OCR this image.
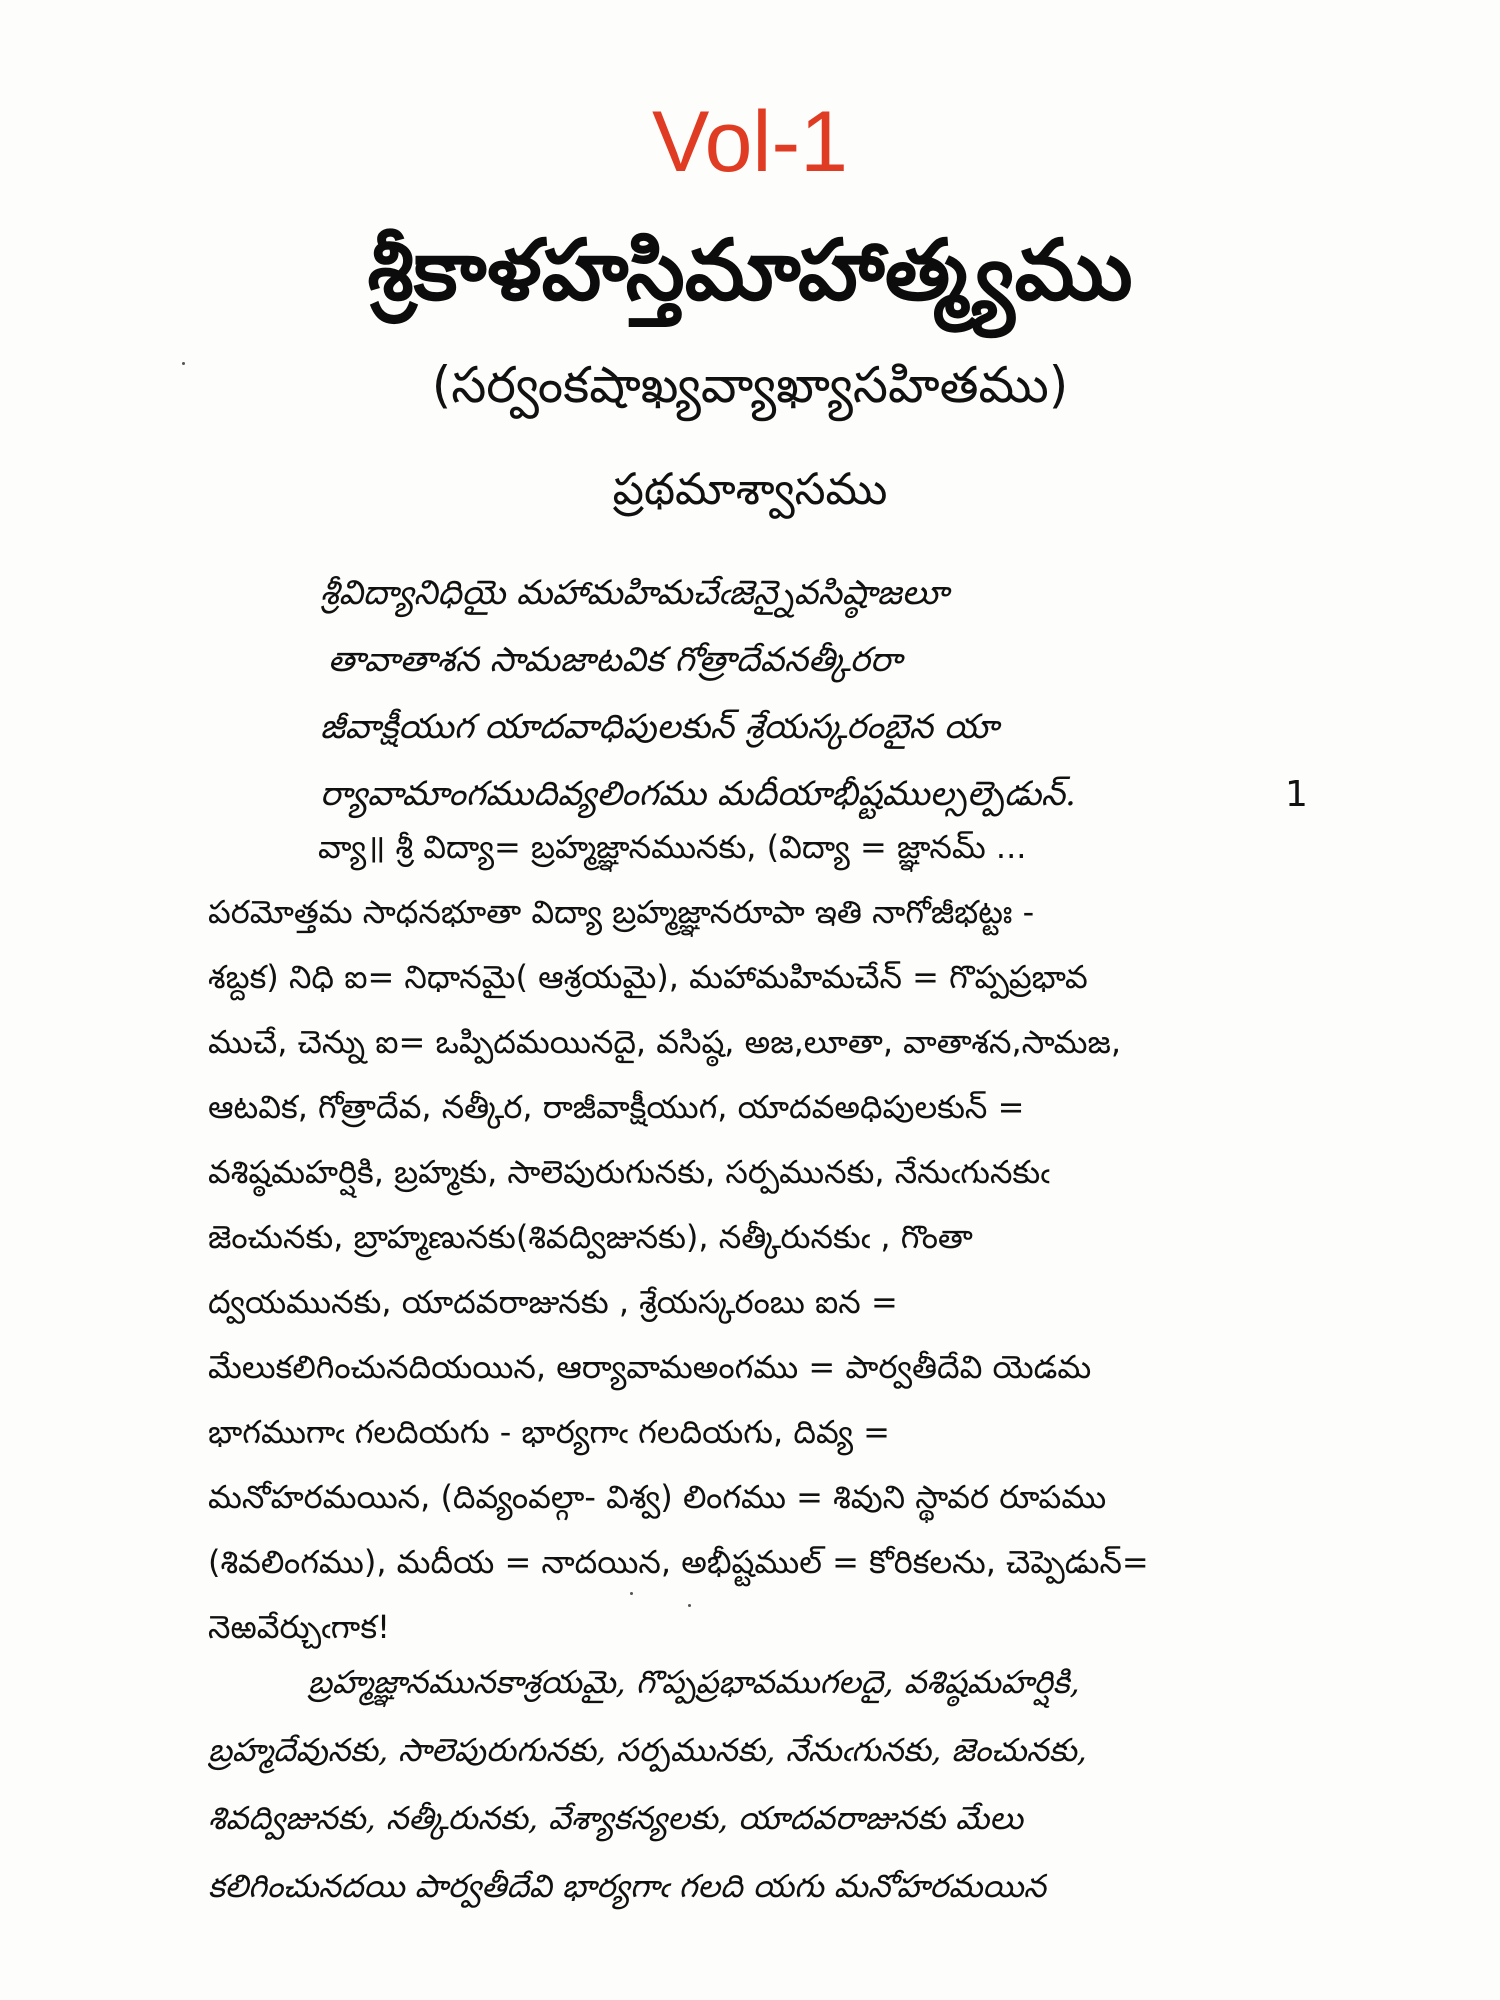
Vol-1
శ్రీకాళహస్తిమాహాత్మ్యము
(సర్వంకషాఖ్యవ్యాఖ్యాసహితము)
ప్రథమాశ్వాసము
శ్రీవిద్యానిధియై మహామహిమచేఁజెన్నైవసిష్ఠాజలూ
తావాతాశన సామజాటవిక గోత్రాదేవనత్కీరరా
జీవాక్షీయుగ యాదవాధిపులకున్ శ్రేయస్కరంబైన యా
ర్యావామాంగముదివ్యలింగము మదీయాభీష్టముల్సల్పెడున్.	1
వ్యా॥ శ్రీ విద్యా= బ్రహ్మజ్ఞానమునకు, (విద్యా = జ్ఞానమ్ ...
పరమోత్తమ సాధనభూతా విద్యా బ్రహ్మజ్ఞానరూపా ఇతి నాగోజీభట్టః -
శబ్దక) నిధి ఐ= నిధానమై( ఆశ్రయమై), మహామహిమచేన్ = గొప్పప్రభావ
ముచే, చెన్ను ఐ= ఒప్పిదమయినదై, వసిష్ఠ, అజ,లూతా, వాతాశన,సామజ,
ఆటవిక, గోత్రాదేవ, నత్కీర, రాజీవాక్షీయుగ, యాదవఅధిపులకున్ =
వశిష్ఠమహర్షికి, బ్రహ్మకు, సాలెపురుగునకు, సర్పమునకు, నేనుఁగునకుఁ
జెంచునకు, బ్రాహ్మణునకు(శివద్విజునకు), నత్కీరునకుఁ , గొంతా
ద్వయమునకు, యాదవరాజునకు , శ్రేయస్కరంబు ఐన =
మేలుకలిగించునదియయిన, ఆర్యావామఅంగము = పార్వతీదేవి యెడమ
భాగముగాఁ గలదియగు - భార్యగాఁ గలదియగు, దివ్య =
మనోహరమయిన, (దివ్యంవల్గా- విశ్వ) లింగము = శివుని స్థావర రూపము
(శివలింగము), మదీయ = నాదయిన, అభీష్టముల్ = కోరికలను, చెప్పెడున్=
నెఱవేర్చుఁగాక!
బ్రహ్మజ్ఞానమునకాశ్రయమై, గొప్పప్రభావముగలదై, వశిష్ఠమహర్షికి,
బ్రహ్మదేవునకు, సాలెపురుగునకు, సర్పమునకు, నేనుఁగునకు, జెంచునకు,
శివద్విజునకు, నత్కీరునకు, వేశ్యాకన్యలకు, యాదవరాజునకు మేలు
కలిగించునదయి పార్వతీదేవి భార్యగాఁ గలది యగు మనోహరమయిన
